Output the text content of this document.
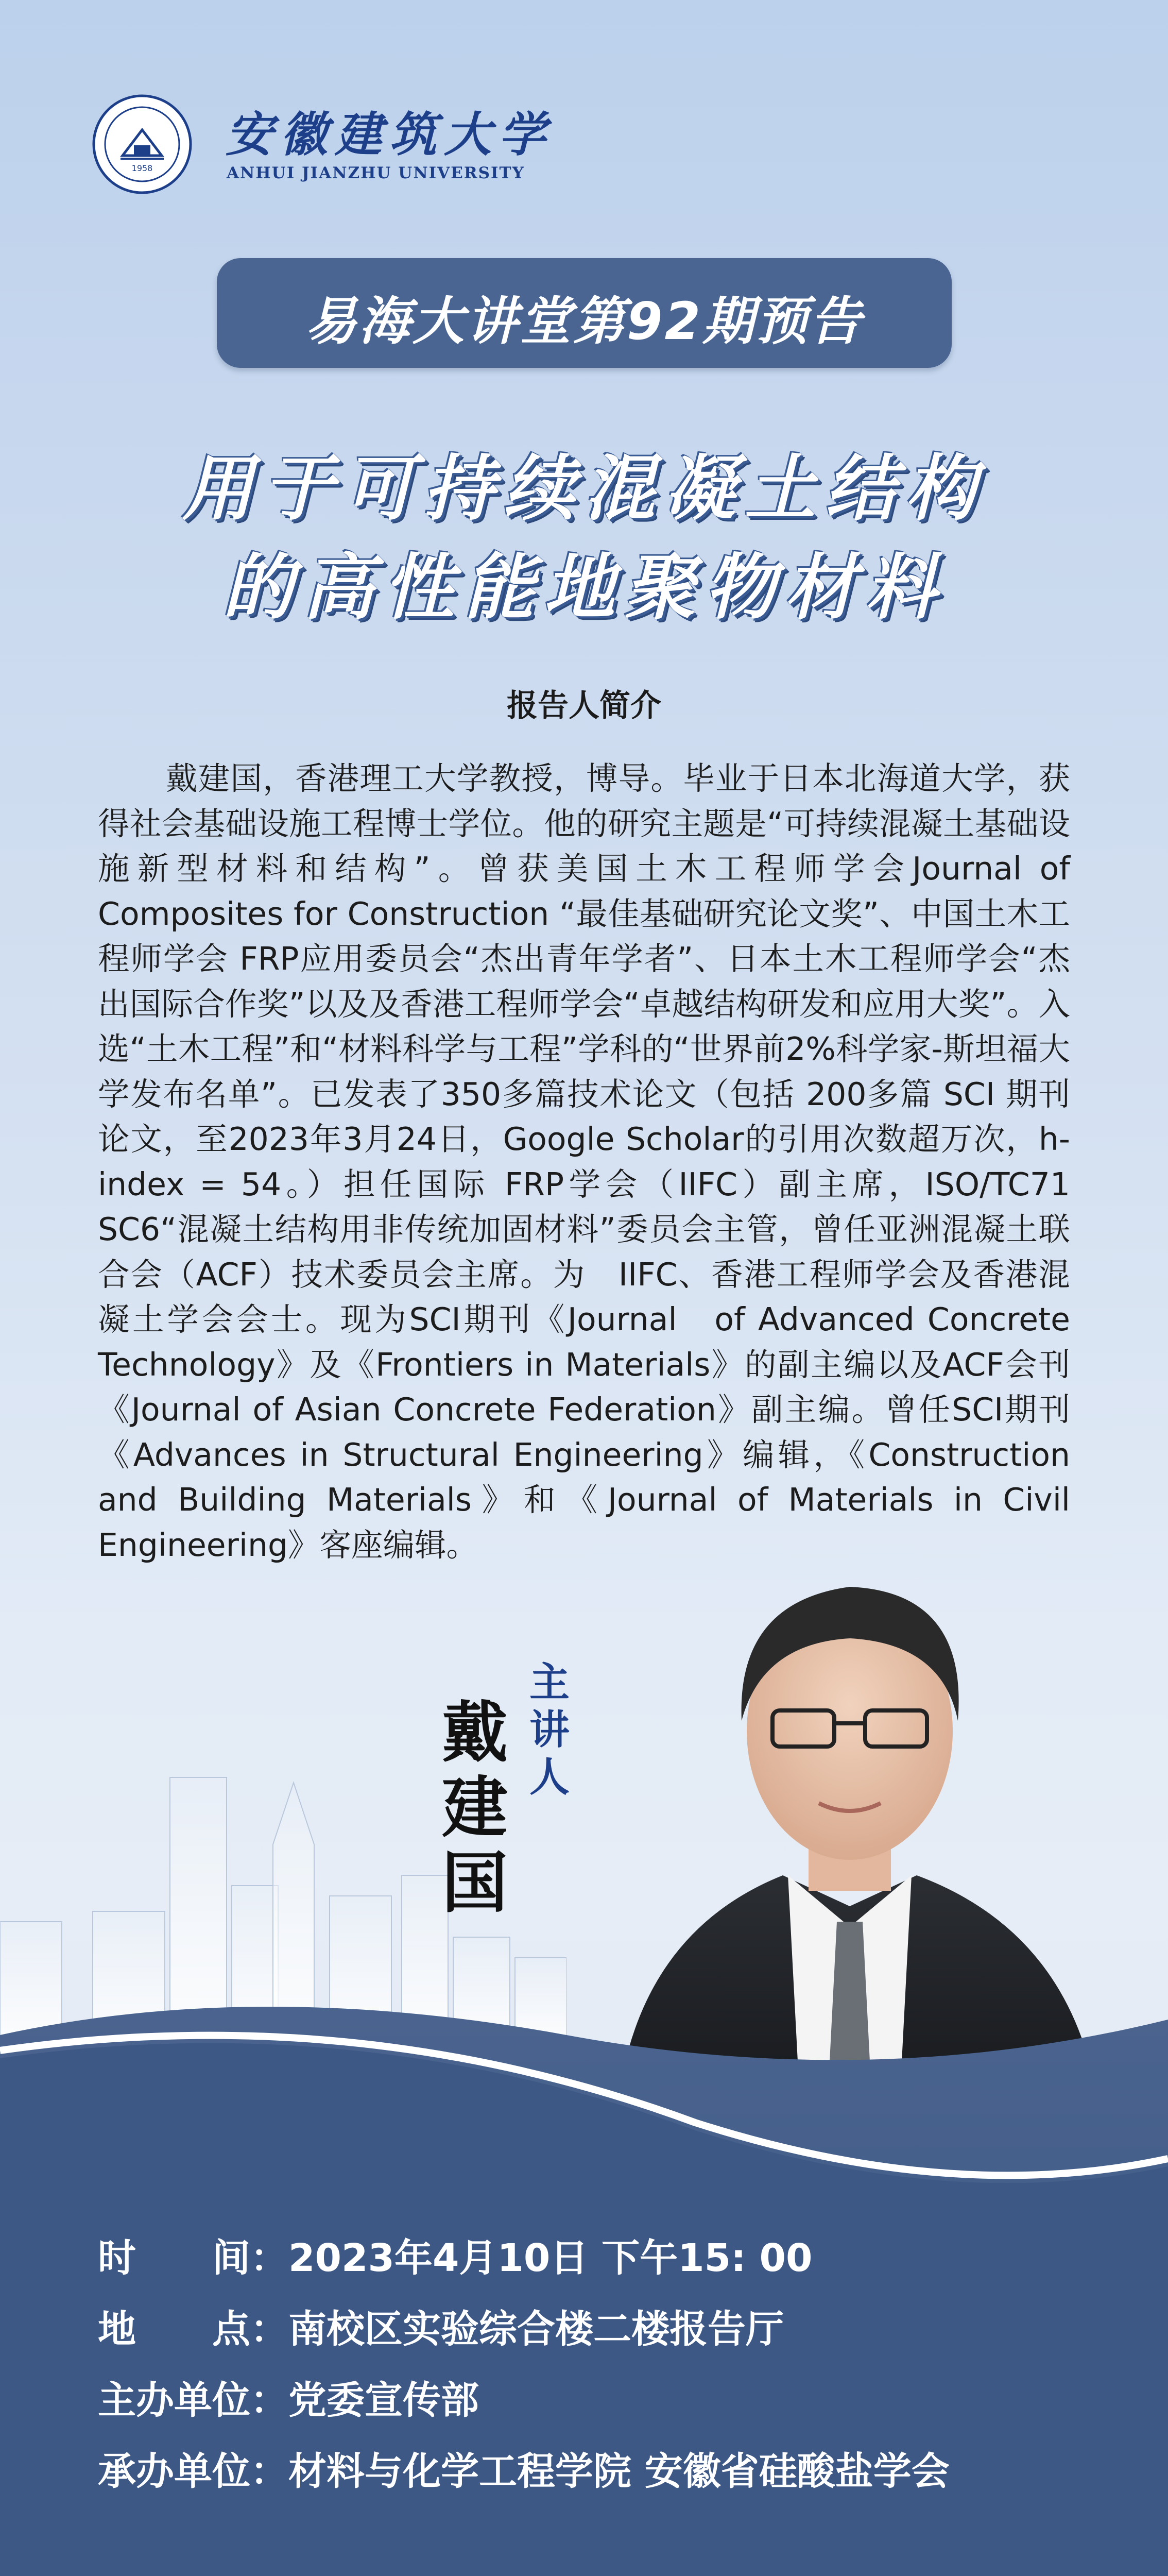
1958
安徽建筑大学
ANHUI JIANZHU UNIVERSITY
易海大讲堂第92期预告
用于可持续混凝土结构
的高性能地聚物材料
报告人简介

戴建国，香港理工大学教授，博导。毕业于日本北海道大学，获得社会基础设施工程博士学位。他的研究主题是“可持续混凝土基础设施新型材料和结构”。曾获美国土木工程师学会Journal of Composites for Construction “最佳基础研究论文奖”、中国土木工程师学会 FRP应用委员会“杰出青年学者”、日本土木工程师学会“杰出国际合作奖”以及及香港工程师学会“卓越结构研发和应用大奖”。入选“土木工程”和“材料科学与工程”学科的“世界前2%科学家-斯坦福大学发布名单”。已发表了350多篇技术论文（包括 200多篇 SCI 期刊论文，至2023年3月24日，Google Scholar的引用次数超万次，h-index = 54。）担任国际 FRP学会（IIFC）副主席，ISO/TC71　SC6“混凝土结构用非传统加固材料”委员会主管，曾任亚洲混凝土联合会（ACF）技术委员会主席。为　IIFC、香港工程师学会及香港混凝土学会会士。现为SCI期刊《Journal　of Advanced Concrete Technology》及《Frontiers in Materials》的副主编以及ACF会刊《Journal of Asian Concrete Federation》副主编。曾任SCI期刊《Advances in Structural Engineering》编辑，《Construction and Building Materials》和《Journal of Materials in Civil Engineering》客座编辑。

主讲人
戴建国
时　　间：2023年4月10日 下午15: 00
地　　点：南校区实验综合楼二楼报告厅
主办单位：党委宣传部
承办单位：材料与化学工程学院 安徽省硅酸盐学会
